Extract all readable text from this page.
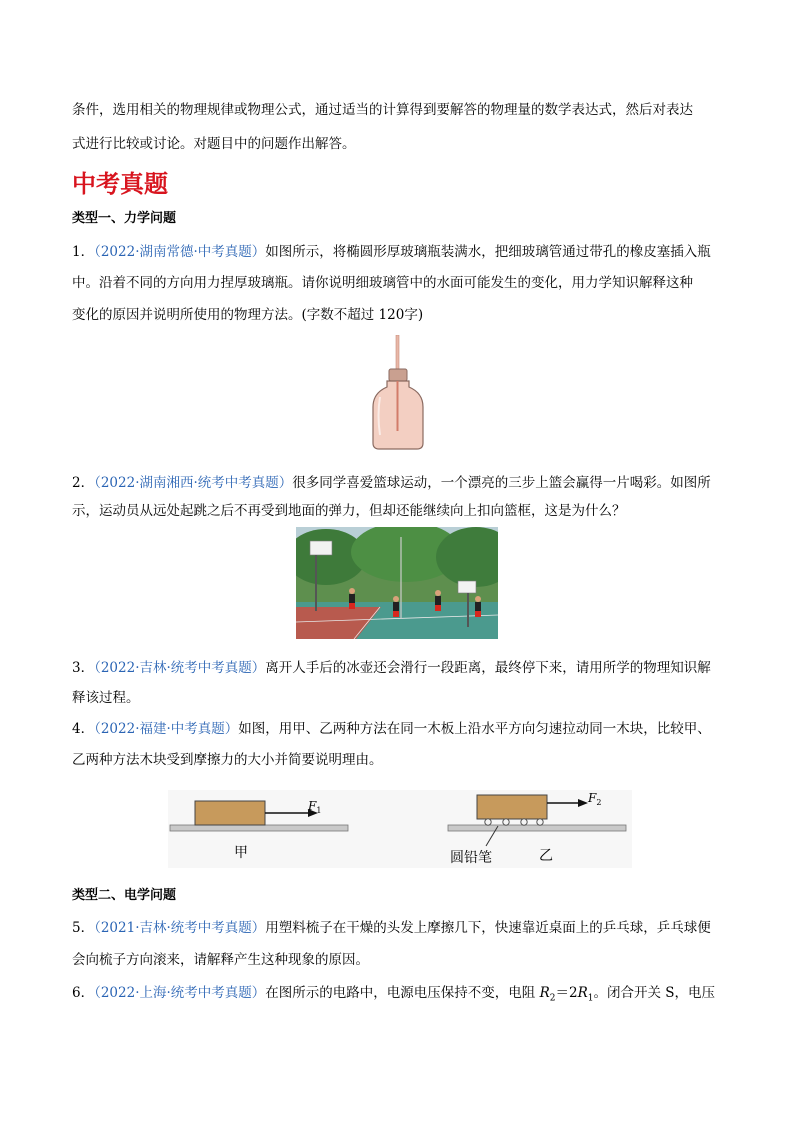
条件，选用相关的物理规律或物理公式，通过适当的计算得到要解答的物理量的数学表达式，然后对表达
式进行比较或讨论。对题目中的问题作出解答。
中考真题
类型一、力学问题
1．（2022·湖南常德·中考真题）如图所示，将椭圆形厚玻璃瓶装满水，把细玻璃管通过带孔的橡皮塞插入瓶
中。沿着不同的方向用力捏厚玻璃瓶。请你说明细玻璃管中的水面可能发生的变化，用力学知识解释这种
变化的原因并说明所使用的物理方法。(字数不超过 120字)
2．（2022·湖南湘西·统考中考真题）很多同学喜爱篮球运动，一个漂亮的三步上篮会赢得一片喝彩。如图所
示，运动员从远处起跳之后不再受到地面的弹力，但却还能继续向上扣向篮框，这是为什么？
3．（2022·吉林·统考中考真题）离开人手后的冰壶还会滑行一段距离，最终停下来，请用所学的物理知识解
释该过程。
4．（2022·福建·中考真题）如图，用甲、乙两种方法在同一木板上沿水平方向匀速拉动同一木块，比较甲、
乙两种方法木块受到摩擦力的大小并简要说明理由。
$F_1$
甲
$F_2$
圆铅笔	乙
类型二、电学问题
5．（2021·吉林·统考中考真题）用塑料梳子在干燥的头发上摩擦几下，快速靠近桌面上的乒乓球，乒乓球便
会向梳子方向滚来，请解释产生这种现象的原因。
6．（2022·上海·统考中考真题）在图所示的电路中，电源电压保持不变，电阻 $R_2=2R_1$。闭合开关 S，电压
